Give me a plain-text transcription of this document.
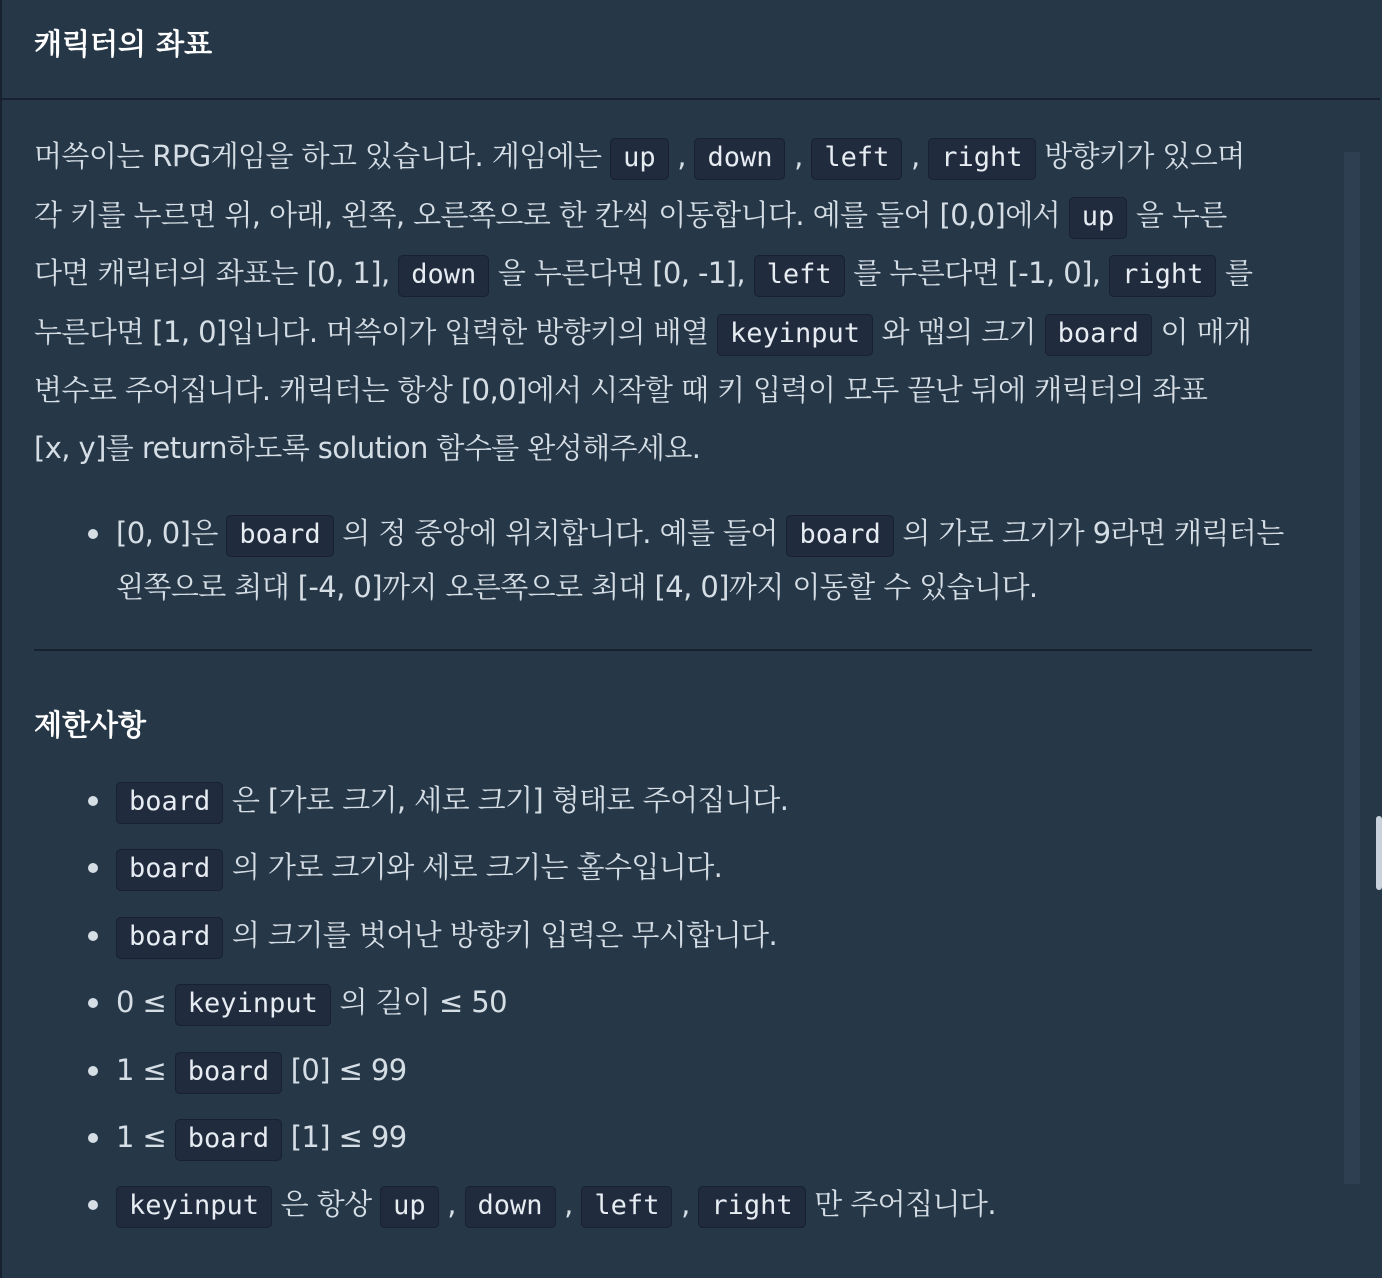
캐릭터의 좌표
머쓱이는 RPG게임을 하고 있습니다. 게임에는 up , down , left , right 방향키가 있으며
각 키를 누르면 위, 아래, 왼쪽, 오른쪽으로 한 칸씩 이동합니다. 예를 들어 [0,0]에서 up 을 누른
다면 캐릭터의 좌표는 [0, 1], down 을 누른다면 [0, -1], left 를 누른다면 [-1, 0], right 를
누른다면 [1, 0]입니다. 머쓱이가 입력한 방향키의 배열 keyinput 와 맵의 크기 board 이 매개
변수로 주어집니다. 캐릭터는 항상 [0,0]에서 시작할 때 키 입력이 모두 끝난 뒤에 캐릭터의 좌표
[x, y]를 return하도록 solution 함수를 완성해주세요.
[0, 0]은 board 의 정 중앙에 위치합니다. 예를 들어 board 의 가로 크기가 9라면 캐릭터는 왼쪽으로 최대 [-4, 0]까지 오른쪽으로 최대 [4, 0]까지 이동할 수 있습니다.
제한사항
board 은 [가로 크기, 세로 크기] 형태로 주어집니다.
board 의 가로 크기와 세로 크기는 홀수입니다.
board 의 크기를 벗어난 방향키 입력은 무시합니다.
0 ≤ keyinput 의 길이 ≤ 50
1 ≤ board [0] ≤ 99
1 ≤ board [1] ≤ 99
keyinput 은 항상 up , down , left , right 만 주어집니다.
